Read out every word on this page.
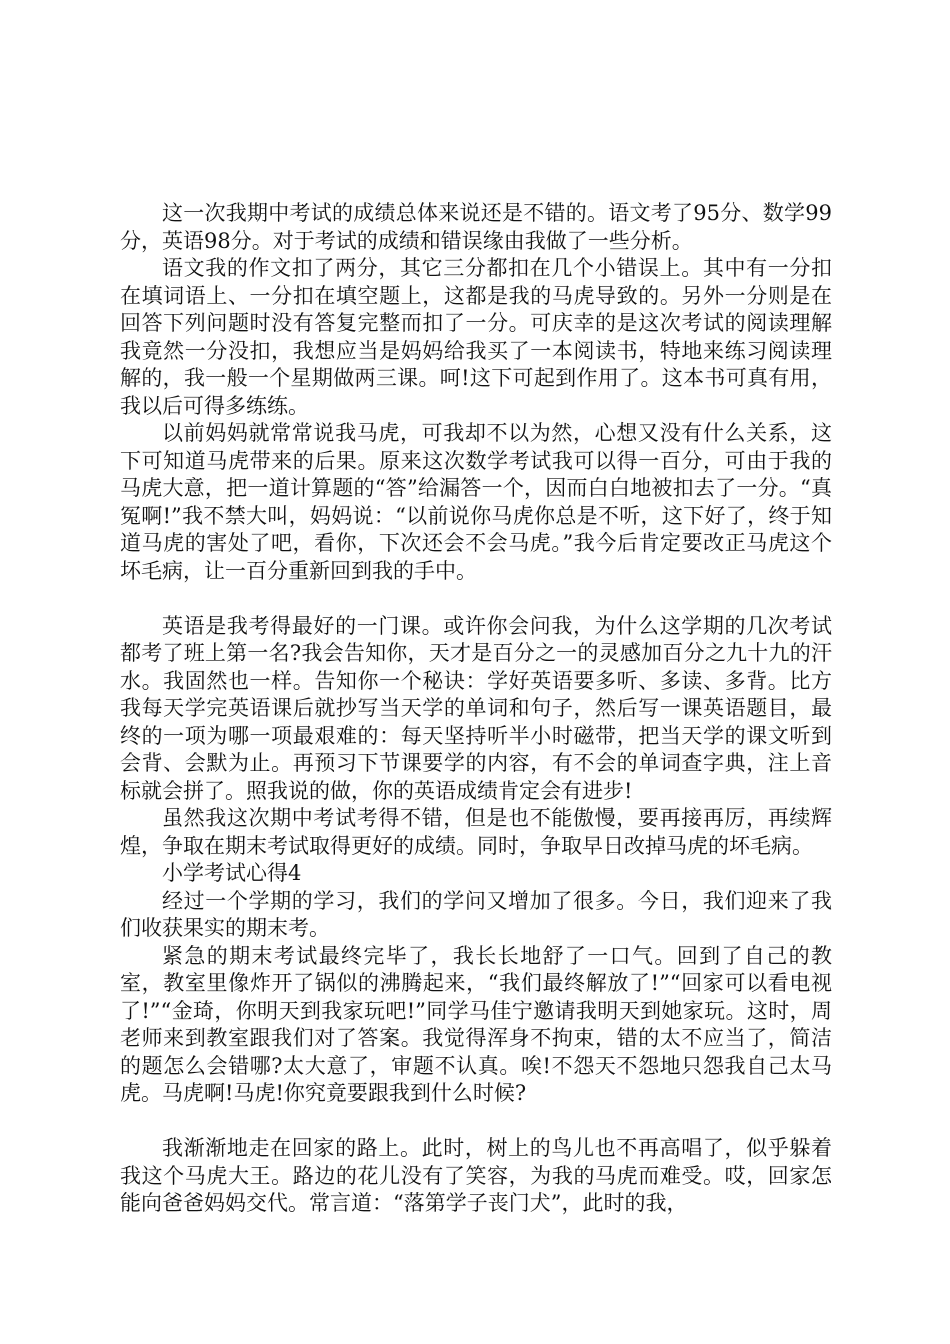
这一次我期中考试的成绩总体来说还是不错的。语文考了95分、数学99分，英语98分。对于考试的成绩和错误缘由我做了一些分析。

语文我的作文扣了两分，其它三分都扣在几个小错误上。其中有一分扣在填词语上、一分扣在填空题上，这都是我的马虎导致的。另外一分则是在回答下列问题时没有答复完整而扣了一分。可庆幸的是这次考试的阅读理解我竟然一分没扣，我想应当是妈妈给我买了一本阅读书，特地来练习阅读理解的，我一般一个星期做两三课。呵!这下可起到作用了。这本书可真有用，我以后可得多练练。

以前妈妈就常常说我马虎，可我却不以为然，心想又没有什么关系，这下可知道马虎带来的后果。原来这次数学考试我可以得一百分，可由于我的马虎大意，把一道计算题的“答”给漏答一个，因而白白地被扣去了一分。“真冤啊!”我不禁大叫，妈妈说：“以前说你马虎你总是不听，这下好了，终于知道马虎的害处了吧，看你，下次还会不会马虎。”我今后肯定要改正马虎这个坏毛病，让一百分重新回到我的手中。

英语是我考得最好的一门课。或许你会问我，为什么这学期的几次考试都考了班上第一名?我会告知你，天才是百分之一的灵感加百分之九十九的汗水。我固然也一样。告知你一个秘诀：学好英语要多听、多读、多背。比方我每天学完英语课后就抄写当天学的单词和句子，然后写一课英语题目，最终的一项为哪一项最艰难的：每天坚持听半小时磁带，把当天学的课文听到会背、会默为止。再预习下节课要学的内容，有不会的单词查字典，注上音标就会拼了。照我说的做，你的英语成绩肯定会有进步!

虽然我这次期中考试考得不错，但是也不能傲慢，要再接再厉，再续辉煌，争取在期末考试取得更好的成绩。同时，争取早日改掉马虎的坏毛病。

小学考试心得4

经过一个学期的学习，我们的学问又增加了很多。今日，我们迎来了我们收获果实的期末考。

紧急的期末考试最终完毕了，我长长地舒了一口气。回到了自己的教室，教室里像炸开了锅似的沸腾起来，“我们最终解放了!”“回家可以看电视了!”“金琦，你明天到我家玩吧!”同学马佳宁邀请我明天到她家玩。这时，周老师来到教室跟我们对了答案。我觉得浑身不拘束，错的太不应当了，简洁的题怎么会错哪?太大意了，审题不认真。唉!不怨天不怨地只怨我自己太马虎。马虎啊!马虎!你究竟要跟我到什么时候?

我渐渐地走在回家的路上。此时，树上的鸟儿也不再高唱了，似乎躲着我这个马虎大王。路边的花儿没有了笑容，为我的马虎而难受。哎，回家怎能向爸爸妈妈交代。常言道：“落第学子丧门犬”，此时的我，
